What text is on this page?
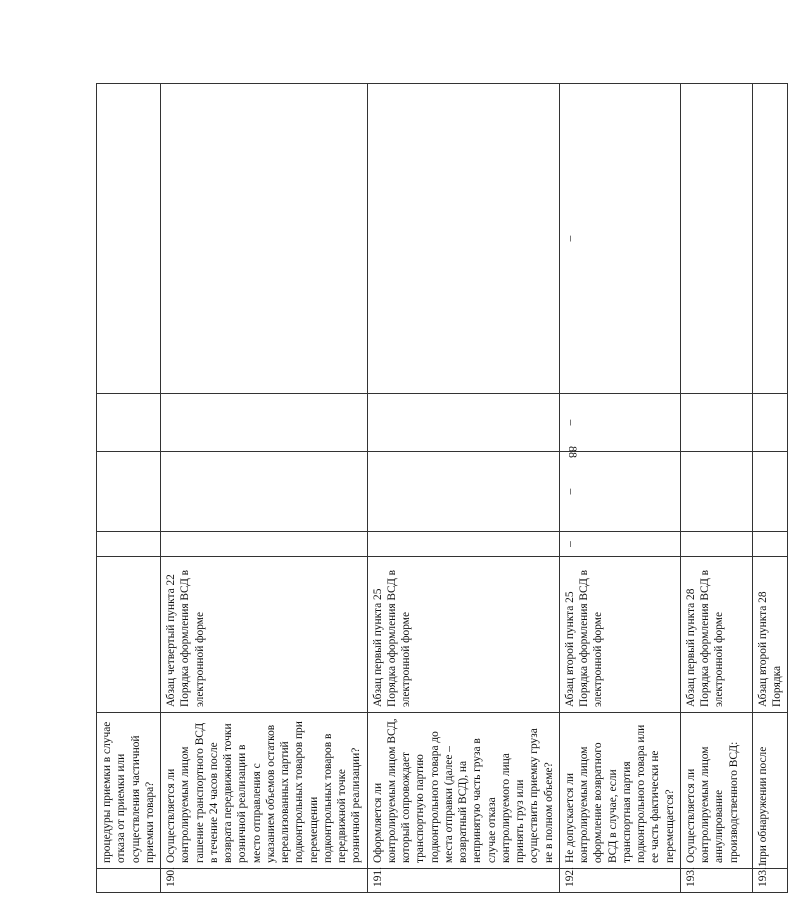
88
	процедуры приемки в случае отказа от приемки или осуществления частичной приемки товара?					
190.	Осуществляется ли контролируемым лицом гашение транспортного ВСД в течение 24 часов после возврата передвижной точки розничной реализации в место отправления с указанием объемов остатков нереализованных партий подконтрольных товаров при перемещении подконтрольных товаров в передвижной точке розничной реализации?	Абзац четвертый пункта 22 Порядка оформления ВСД в электронной форме				
191.	Оформляется ли контролируемым лицом ВСД, который сопровождает транспортную партию подконтрольного товара до места отправки (далее – возвратный ВСД), на непринятую часть груза в случае отказа контролируемого лица принять груз или осуществить приемку груза не в полном объеме?	Абзац первый пункта 25 Порядка оформления ВСД в электронной форме				
192.	Не допускается ли контролируемым лицом оформление возвратного ВСД в случае, если транспортная партия подконтрольного товара или ее часть фактически не перемещается?	Абзац второй пункта 25 Порядка оформления ВСД в электронной форме	–	–	–	–
193.	Осуществляется ли контролируемым лицом аннулирование производственного ВСД:	Абзац первый пункта 28 Порядка оформления ВСД в электронной форме				
193.1	при обнаружении после	Абзац второй пункта 28 Порядка				
